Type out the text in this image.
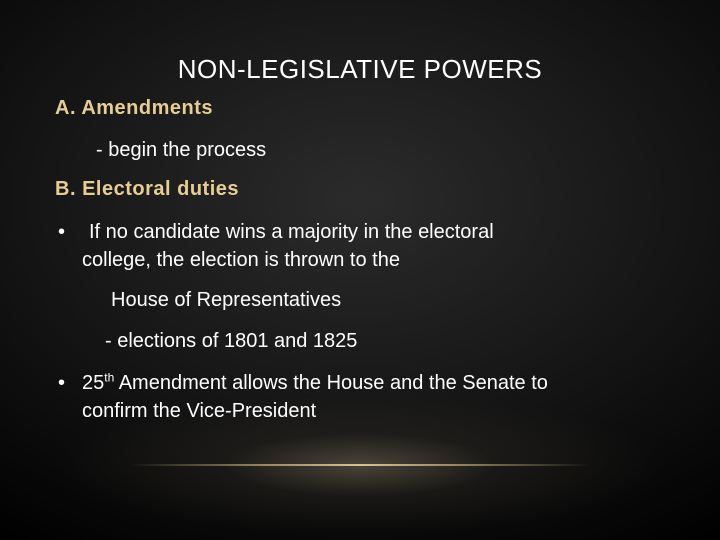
NON-LEGISLATIVE POWERS
A. Amendments
- begin the process
B. Electoral duties
• If no candidate wins a majority in the electoral
college, the election is thrown to the
House of Representatives
- elections of 1801 and 1825
• 25th Amendment allows the House and the Senate to
confirm the Vice-President
